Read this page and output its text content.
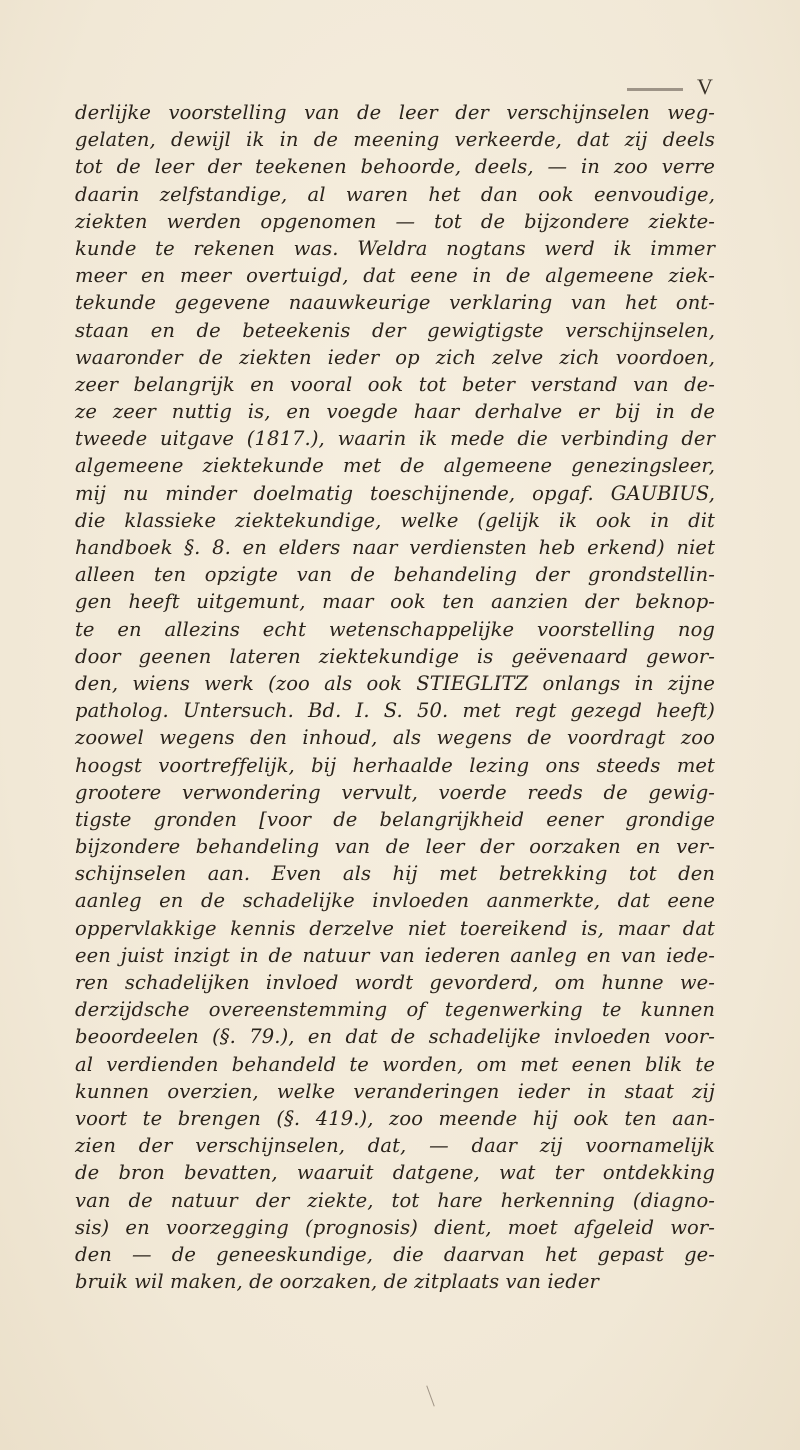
V
derlijke voorstelling van de leer der verschijnselen weg-
gelaten, dewijl ik in de meening verkeerde, dat zij deels
tot de leer der teekenen behoorde, deels, — in zoo verre
daarin zelfstandige, al waren het dan ook eenvoudige,
ziekten werden opgenomen — tot de bijzondere ziekte-
kunde te rekenen was. Weldra nogtans werd ik immer
meer en meer overtuigd, dat eene in de algemeene ziek-
tekunde gegevene naauwkeurige verklaring van het ont-
staan en de beteekenis der gewigtigste verschijnselen,
waaronder de ziekten ieder op zich zelve zich voordoen,
zeer belangrijk en vooral ook tot beter verstand van de-
ze zeer nuttig is, en voegde haar derhalve er bij in de
tweede uitgave (1817.), waarin ik mede die verbinding der
algemeene ziektekunde met de algemeene genezingsleer,
mij nu minder doelmatig toeschijnende, opgaf. GAUBIUS,
die klassieke ziektekundige, welke (gelijk ik ook in dit
handboek §. 8. en elders naar verdiensten heb erkend) niet
alleen ten opzigte van de behandeling der grondstellin-
gen heeft uitgemunt, maar ook ten aanzien der beknop-
te en allezins echt wetenschappelijke voorstelling nog
door geenen lateren ziektekundige is geëvenaard gewor-
den, wiens werk (zoo als ook STIEGLITZ onlangs in zijne
patholog. Untersuch. Bd. I. S. 50. met regt gezegd heeft)
zoowel wegens den inhoud, als wegens de voordragt zoo
hoogst voortreffelijk, bij herhaalde lezing ons steeds met
grootere verwondering vervult, voerde reeds de gewig-
tigste gronden [voor de belangrijkheid eener grondige
bijzondere behandeling van de leer der oorzaken en ver-
schijnselen aan. Even als hij met betrekking tot den
aanleg en de schadelijke invloeden aanmerkte, dat eene
oppervlakkige kennis derzelve niet toereikend is, maar dat
een juist inzigt in de natuur van iederen aanleg en van iede-
ren schadelijken invloed wordt gevorderd, om hunne we-
derzijdsche overeenstemming of tegenwerking te kunnen
beoordeelen (§. 79.), en dat de schadelijke invloeden voor-
al verdienden behandeld te worden, om met eenen blik te
kunnen overzien, welke veranderingen ieder in staat zij
voort te brengen (§. 419.), zoo meende hij ook ten aan-
zien der verschijnselen, dat, — daar zij voornamelijk
de bron bevatten, waaruit datgene, wat ter ontdekking
van de natuur der ziekte, tot hare herkenning (diagno-
sis) en voorzegging (prognosis) dient, moet afgeleid wor-
den — de geneeskundige, die daarvan het gepast ge-
bruik wil maken, de oorzaken, de zitplaats van ieder
